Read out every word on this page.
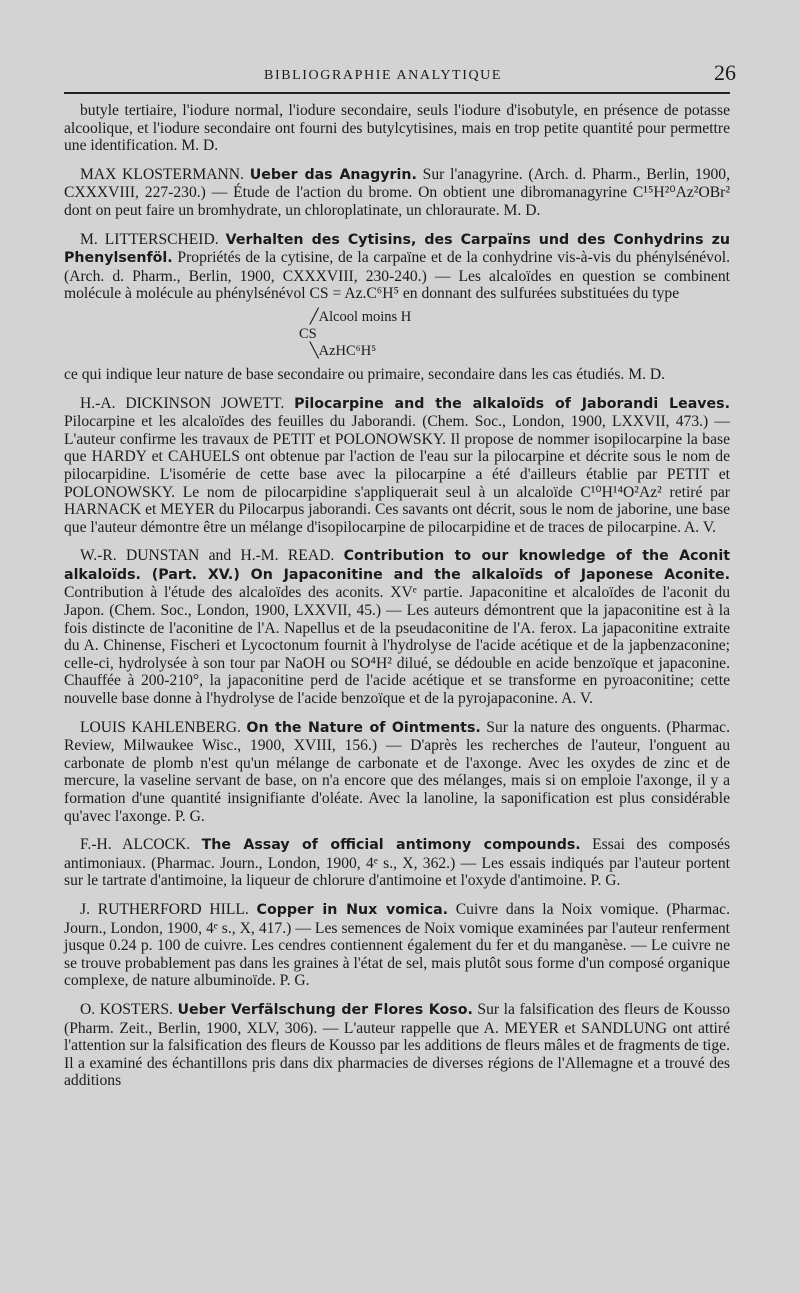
BIBLIOGRAPHIE ANALYTIQUE	26

butyle tertiaire, l'iodure normal, l'iodure secondaire, seuls l'iodure d'isobutyle, en présence de potasse alcoolique, et l'iodure secondaire ont fourni des butylcytisines, mais en trop petite quantité pour permettre une identification. M. D.

MAX KLOSTERMANN. Ueber das Anagyrin. Sur l'anagyrine. (Arch. d. Pharm., Berlin, 1900, CXXXVIII, 227-230.) — Étude de l'action du brome. On obtient une dibromanagyrine C¹⁵H²⁰Az²OBr² dont on peut faire un bromhydrate, un chloroplatinate, un chloraurate. M. D.

M. LITTERSCHEID. Verhalten des Cytisins, des Carpaïns und des Conhydrins zu Phenylsenföl. Propriétés de la cytisine, de la carpaïne et de la conhydrine vis-à-vis du phénylsénévol. (Arch. d. Pharm., Berlin, 1900, CXXXVIII, 230-240.) — Les alcaloïdes en question se combinent molécule à molécule au phénylsénévol CS = Az.C⁶H⁵ en donnant des sulfurées substituées du type

╱Alcool moins H
CS
╲AzHC⁶H⁵

ce qui indique leur nature de base secondaire ou primaire, secondaire dans les cas étudiés. M. D.

H.-A. DICKINSON JOWETT. Pilocarpine and the alkaloïds of Jaborandi Leaves. Pilocarpine et les alcaloïdes des feuilles du Jaborandi. (Chem. Soc., London, 1900, LXXVII, 473.) — L'auteur confirme les travaux de PETIT et POLONOWSKY. Il propose de nommer isopilocarpine la base que HARDY et CAHUELS ont obtenue par l'action de l'eau sur la pilocarpine et décrite sous le nom de pilocarpidine. L'isomérie de cette base avec la pilocarpine a été d'ailleurs établie par PETIT et POLONOWSKY. Le nom de pilocarpidine s'appliquerait seul à un alcaloïde C¹⁰H¹⁴O²Az² retiré par HARNACK et MEYER du Pilocarpus jaborandi. Ces savants ont décrit, sous le nom de jaborine, une base que l'auteur démontre être un mélange d'isopilocarpine de pilocarpidine et de traces de pilocarpine. A. V.

W.-R. DUNSTAN and H.-M. READ. Contribution to our knowledge of the Aconit alkaloïds. (Part. XV.) On Japaconitine and the alkaloïds of Japonese Aconite. Contribution à l'étude des alcaloïdes des aconits. XVᵉ partie. Japaconitine et alcaloïdes de l'aconit du Japon. (Chem. Soc., London, 1900, LXXVII, 45.) — Les auteurs démontrent que la japaconitine est à la fois distincte de l'aconitine de l'A. Napellus et de la pseudaconitine de l'A. ferox. La japaconitine extraite du A. Chinense, Fischeri et Lycoctonum fournit à l'hydrolyse de l'acide acétique et de la japbenzaconine; celle-ci, hydrolysée à son tour par NaOH ou SO⁴H² dilué, se dédouble en acide benzoïque et japaconine. Chauffée à 200-210°, la japaconitine perd de l'acide acétique et se transforme en pyroaconitine; cette nouvelle base donne à l'hydrolyse de l'acide benzoïque et de la pyrojapaconine. A. V.

LOUIS KAHLENBERG. On the Nature of Ointments. Sur la nature des onguents. (Pharmac. Review, Milwaukee Wisc., 1900, XVIII, 156.) — D'après les recherches de l'auteur, l'onguent au carbonate de plomb n'est qu'un mélange de carbonate et de l'axonge. Avec les oxydes de zinc et de mercure, la vaseline servant de base, on n'a encore que des mélanges, mais si on emploie l'axonge, il y a formation d'une quantité insignifiante d'oléate. Avec la lanoline, la saponification est plus considérable qu'avec l'axonge. P. G.

F.-H. ALCOCK. The Assay of official antimony compounds. Essai des composés antimoniaux. (Pharmac. Journ., London, 1900, 4ᵉ s., X, 362.) — Les essais indiqués par l'auteur portent sur le tartrate d'antimoine, la liqueur de chlorure d'antimoine et l'oxyde d'antimoine. P. G.

J. RUTHERFORD HILL. Copper in Nux vomica. Cuivre dans la Noix vomique. (Pharmac. Journ., London, 1900, 4ᵉ s., X, 417.) — Les semences de Noix vomique examinées par l'auteur renferment jusque 0.24 p. 100 de cuivre. Les cendres contiennent également du fer et du manganèse. — Le cuivre ne se trouve probablement pas dans les graines à l'état de sel, mais plutôt sous forme d'un composé organique complexe, de nature albuminoïde. P. G.

O. KOSTERS. Ueber Verfälschung der Flores Koso. Sur la falsification des fleurs de Kousso (Pharm. Zeit., Berlin, 1900, XLV, 306). — L'auteur rappelle que A. MEYER et SANDLUNG ont attiré l'attention sur la falsification des fleurs de Kousso par les additions de fleurs mâles et de fragments de tige. Il a examiné des échantillons pris dans dix pharmacies de diverses régions de l'Allemagne et a trouvé des additions
